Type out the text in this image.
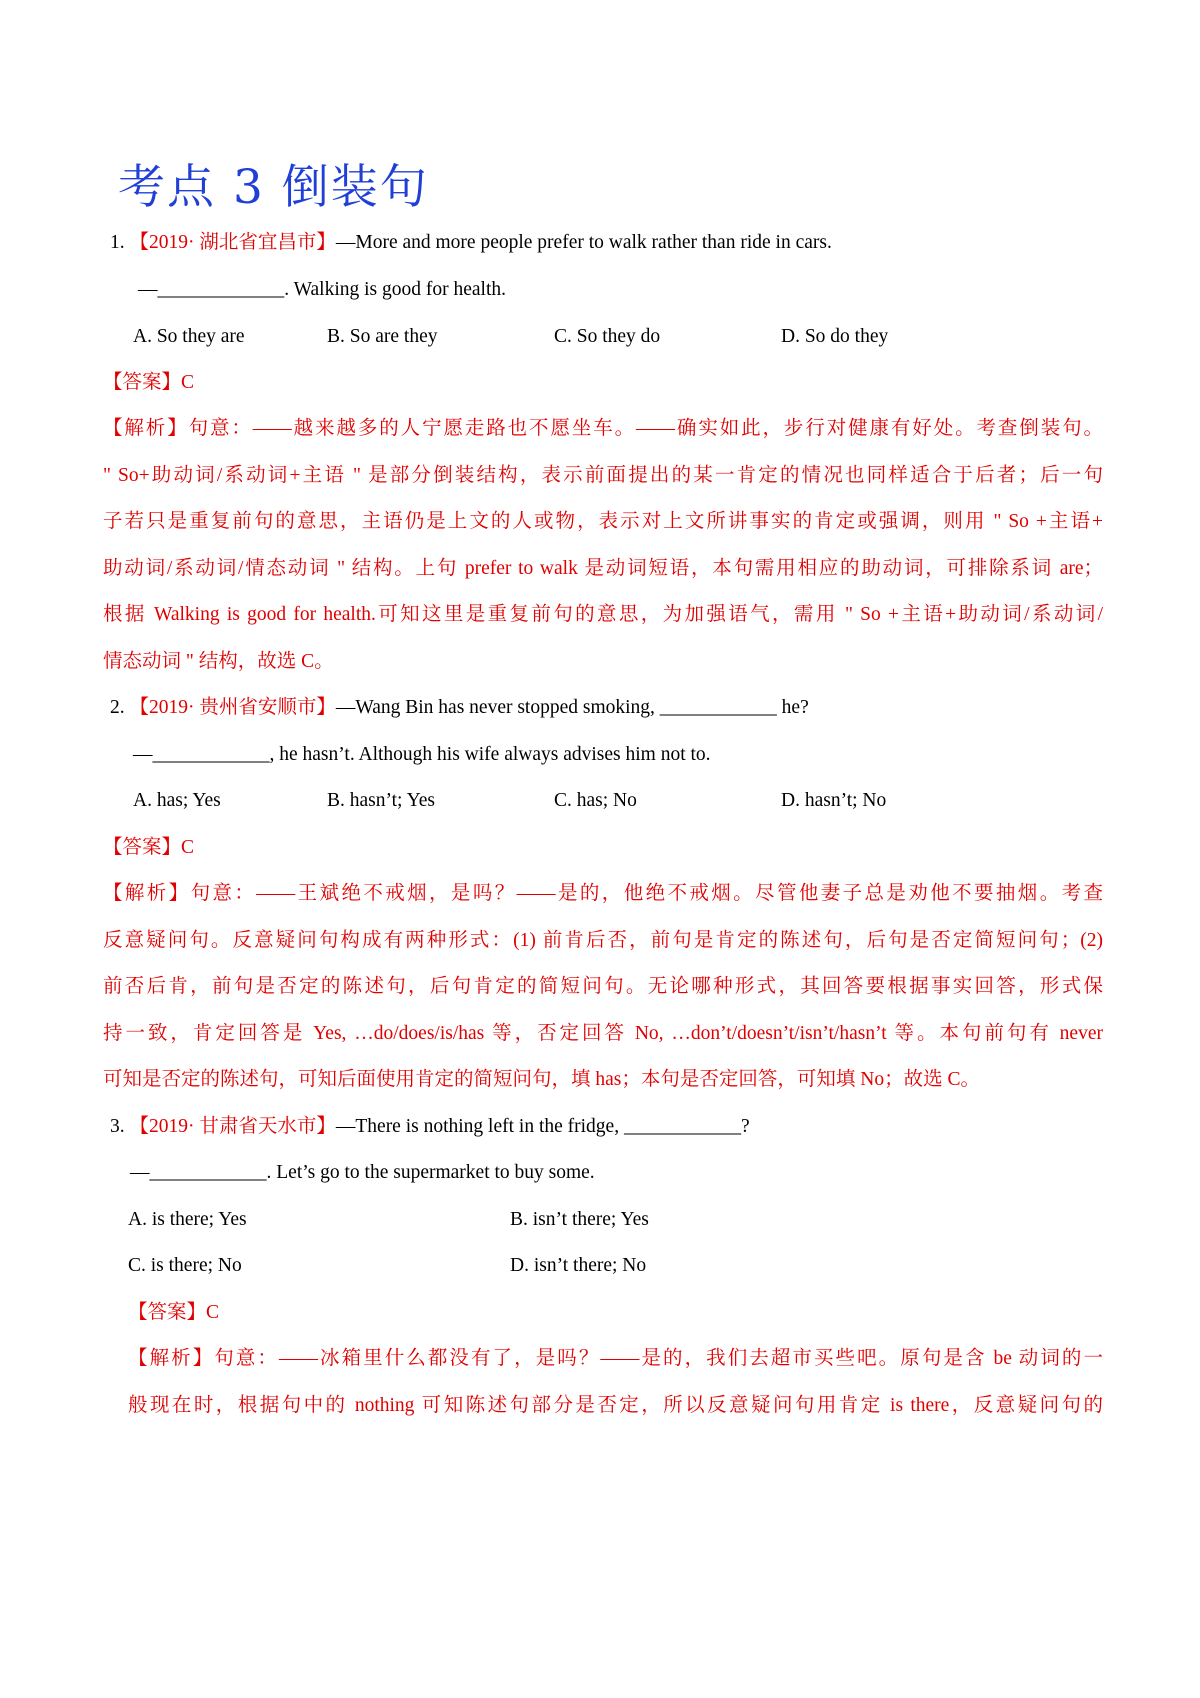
考点 3 倒装句
1. 【2019· 湖北省宜昌市】—More and more people prefer to walk rather than ride in cars.
—_____________. Walking is good for health.
A. So they are	B. So are they	C. So they do	D. So do they
【答案】C
【解析】句意：——越来越多的人宁愿走路也不愿坐车。——确实如此，步行对健康有好处。考查倒装句。
" So+助动词/系动词+主语 " 是部分倒装结构，表示前面提出的某一肯定的情况也同样适合于后者；后一句
子若只是重复前句的意思，主语仍是上文的人或物，表示对上文所讲事实的肯定或强调，则用 " So +主语+
助动词/系动词/情态动词 " 结构。上句 prefer to walk 是动词短语，本句需用相应的助动词，可排除系词 are；
根据 Walking is good for health.可知这里是重复前句的意思，为加强语气，需用 " So +主语+助动词/系动词/
情态动词 " 结构，故选 C。
2. 【2019· 贵州省安顺市】—Wang Bin has never stopped smoking, ____________ he?
—____________, he hasn’t. Although his wife always advises him not to.
A. has; Yes	B. hasn’t; Yes	C. has; No	D. hasn’t; No
【答案】C
【解析】句意：——王斌绝不戒烟，是吗？——是的，他绝不戒烟。尽管他妻子总是劝他不要抽烟。考查
反意疑问句。反意疑问句构成有两种形式：(1) 前肯后否，前句是肯定的陈述句，后句是否定简短问句；(2)
前否后肯，前句是否定的陈述句，后句肯定的简短问句。无论哪种形式，其回答要根据事实回答，形式保
持一致，肯定回答是 Yes, …do/does/is/has 等，否定回答 No, …don’t/doesn’t/isn’t/hasn’t 等。本句前句有 never
可知是否定的陈述句，可知后面使用肯定的简短问句，填 has；本句是否定回答，可知填 No；故选 C。
3. 【2019· 甘肃省天水市】—There is nothing left in the fridge, ____________?
—____________. Let’s go to the supermarket to buy some.
A. is there; Yes	B. isn’t there; Yes
C. is there; No	D. isn’t there; No
【答案】C
【解析】句意：——冰箱里什么都没有了，是吗？——是的，我们去超市买些吧。原句是含 be 动词的一
般现在时，根据句中的 nothing 可知陈述句部分是否定，所以反意疑问句用肯定 is there，反意疑问句的
